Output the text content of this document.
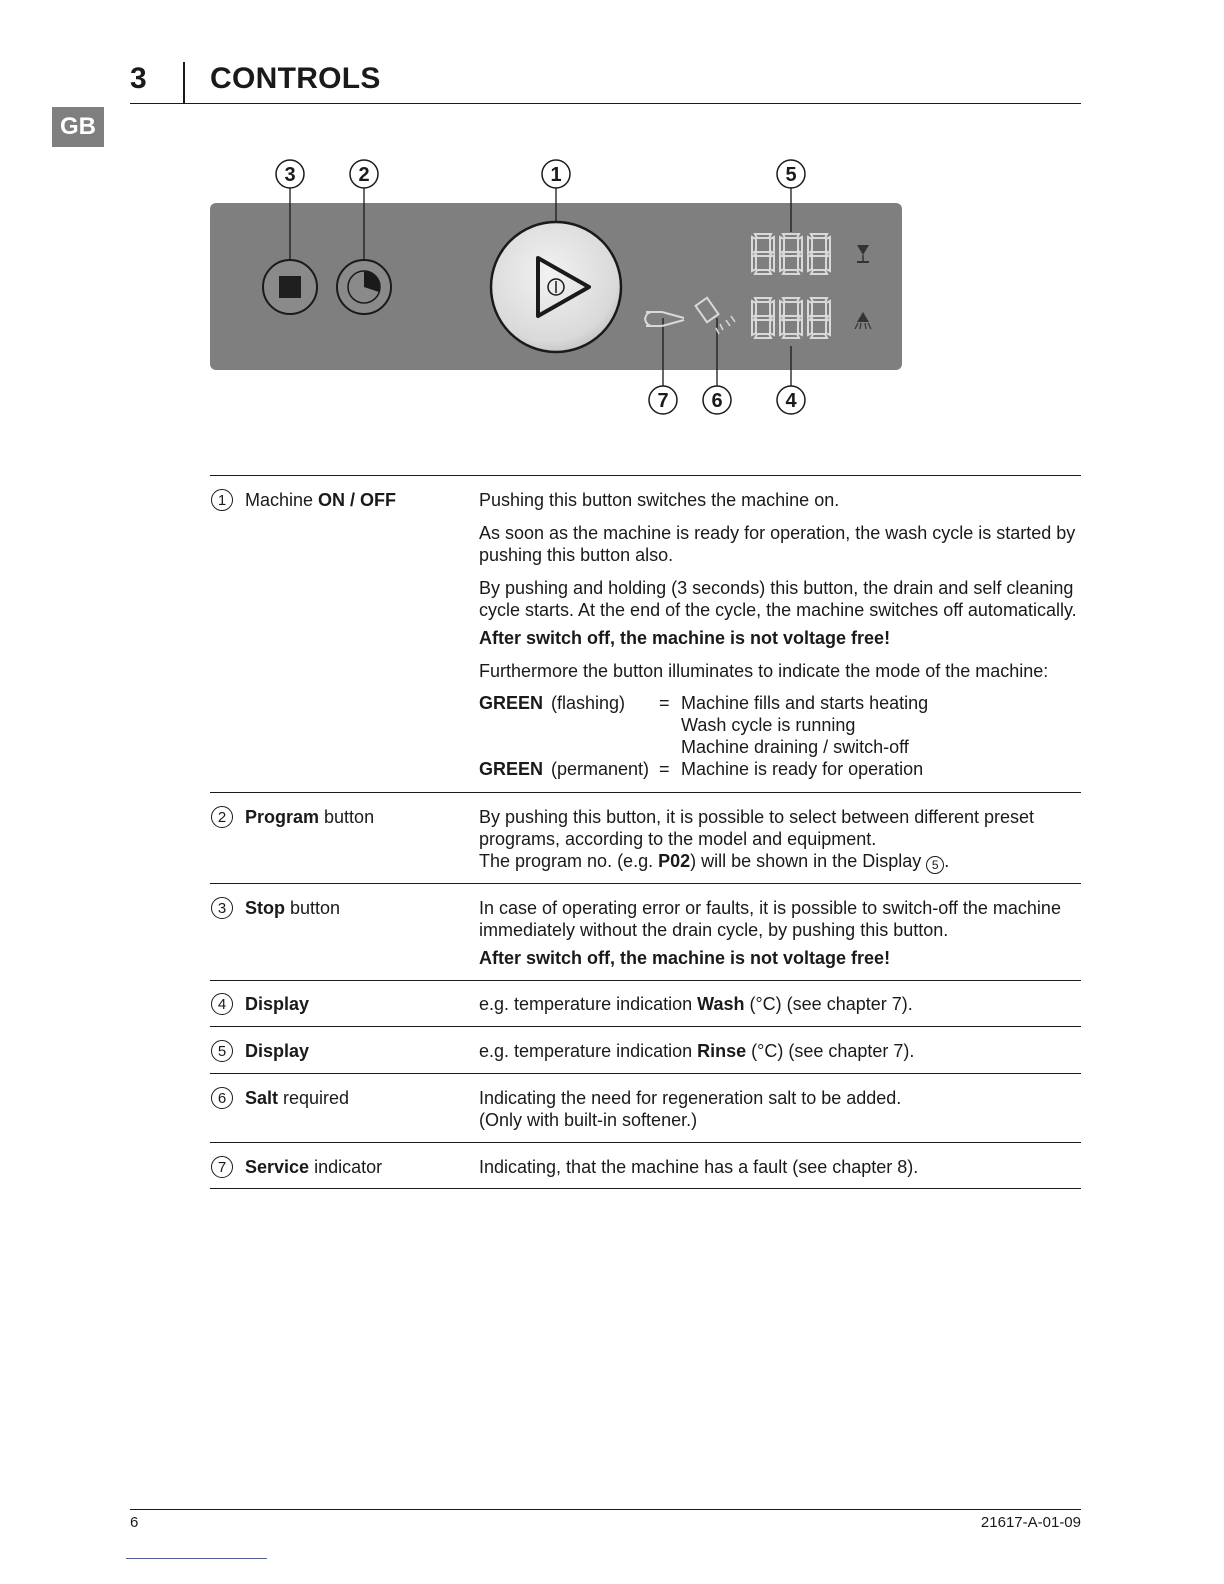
3 CONTROLS
GB
3	2	1	5
7 6	4
1	Machine ON / OFF	Pushing this button switches the machine on.

As soon as the machine is ready for operation, the wash cycle is started by pushing this button also.

By pushing and holding (3 seconds) this button, the drain and self cleaning cycle starts. At the end of the cycle, the machine switches off automatically.

After switch off, the machine is not voltage free!

Furthermore the button illuminates to indicate the mode of the machine:

GREEN (flashing)	= Machine fills and starts heating
Wash cycle is running
Machine draining / switch-off
GREEN (permanent) = Machine is ready for operation
2	Program button	By pushing this button, it is possible to select between different preset programs, according to the model and equipment.
The program no. (e.g. P02) will be shown in the Display 5 .
3	Stop button	In case of operating error or faults, it is possible to switch-off the machine immediately without the drain cycle, by pushing this button.

After switch off, the machine is not voltage free!

4	Display	e.g. temperature indication Wash (°C) (see chapter 7).
5	Display	e.g. temperature indication Rinse (°C) (see chapter 7).
6	Salt required	Indicating the need for regeneration salt to be added.
(Only with built-in softener.)
7	Service indicator	Indicating, that the machine has a fault (see chapter 8).
6	21617-A-01-09
